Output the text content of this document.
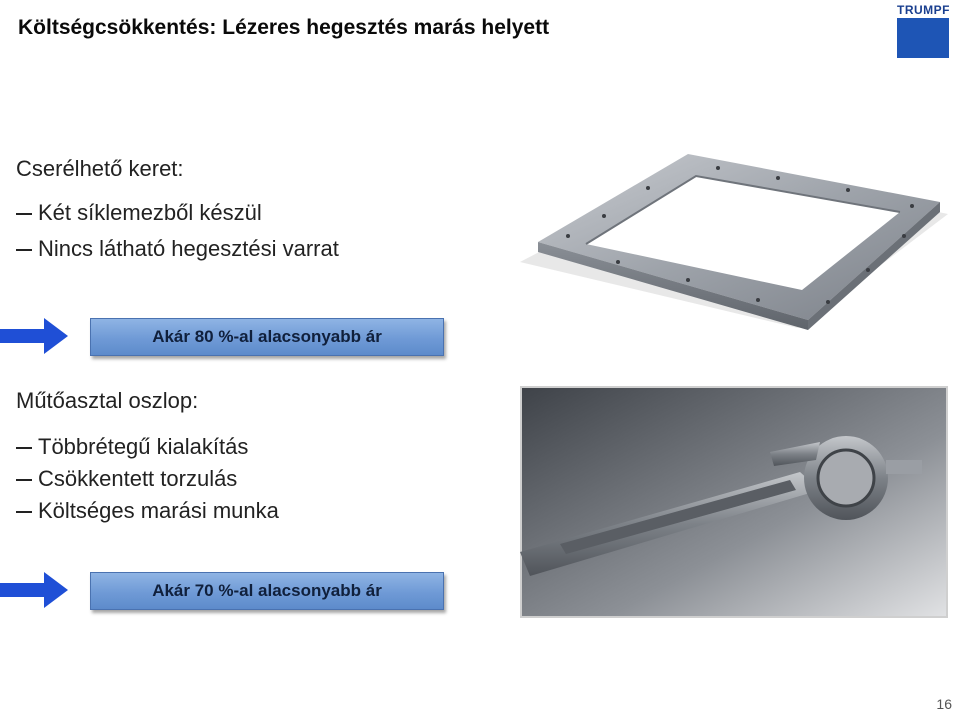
Költségcsökkentés: Lézeres hegesztés marás helyett
TRUMPF
Cserélhető keret:
Két síklemezből készül
Nincs látható hegesztési varrat
Akár 80 %-al alacsonyabb ár
Műtőasztal oszlop:
Többrétegű kialakítás
Csökkentett torzulás
Költséges marási munka
Akár 70 %-al alacsonyabb ár
16
